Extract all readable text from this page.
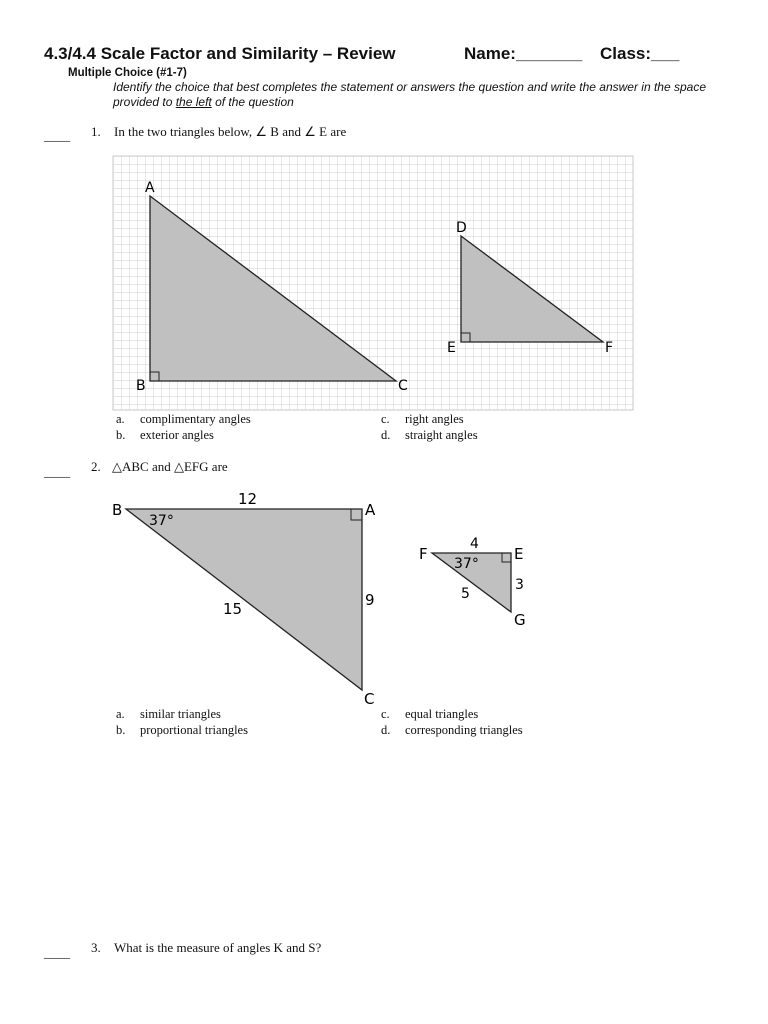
4.3/4.4 Scale Factor and Similarity – Review	Name:_______ Class:___
Multiple Choice (#1-7)
Identify the choice that best completes the statement or answers the question and write the answer in the space provided to the left of the question
____ 1. In the two triangles below, ∠ B and ∠ E are
A
B	C
D
E	F
a. complimentary angles
b. exterior angles
c. right angles
d. straight angles
____ 2. △ABC and △EFG are
B	A
C
37°
12
9
15
F	E
G
37°
4
3
5
a. similar triangles
b. proportional triangles
c. equal triangles
d. corresponding triangles
____ 3. What is the measure of angles K and S?
